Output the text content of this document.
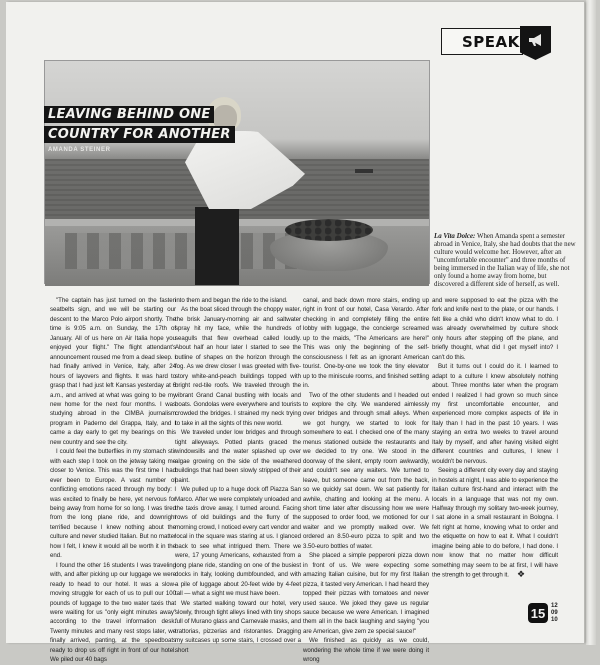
SPEAK
LEAVING BEHIND ONE
COUNTRY FOR ANOTHER
AMANDA STEINER
La Vita Dolce: When Amanda spent a semester abroad in Venice, Italy, she had doubts that the new culture would welcome her. However, after an "uncomfortable encounter" and three months of being immersed in the Italian way of life, she not only found a home away from home, but discovered a different side of herself, as well.

"The captain has just turned on the fasten seatbelts sign, and we will be starting our descent to the Marco Polo airport shortly. The time is 9:05 a.m. on Sunday, the 17th of January. All of us here on Air Italia hope you enjoyed your flight." The flight attendant's announcement roused me from a dead sleep. I had finally arrived in Venice, Italy, after 24 hours of layovers and flights. It was hard to grasp that I had just left Kansas yesterday at 6 a.m., and arrived at what was going to be my new home for the next four months. I was studying abroad in the CIMBA journalism program in Paderno del Grappa, Italy, and I came a day early to get my bearings on this new country and see the city.

I could feel the butterflies in my stomach stir with each step I took on the jetway taking me closer to Venice. This was the first time I had ever been to Europe. A vast number of conflicting emotions raced through my body: I was excited to finally be here, yet nervous for being away from home for so long. I was tired from the long plane ride, and downright terrified because I knew nothing about the culture and never studied Italian. But no matter how I felt, I knew it would all be worth it in the end.

I found the other 16 students I was traveling with, and after picking up our luggage we were ready to head to our hotel. It was a slow-moving struggle for each of us to pull our 100 pounds of luggage to the two water taxis that were waiting for us "only eight minutes away" according to the travel information desk. Twenty minutes and many rest stops later, we finally arrived, panting, at the speedboats ready to drop us off right in front of our hotel. We piled our 40 bags

into them and began the ride to the island.

As the boat sliced through the choppy water, the brisk January-morning air and saltwater spray hit my face, while the hundreds of seagulls that flew overhead called loudly. About half an hour later I started to see the outline of shapes on the horizon through the fog. As we drew closer I was greeted with five-story white-and-peach buildings topped with bright red-tile roofs. We traveled through the vibrant Grand Canal bustling with locals and boats. Gondolas were everywhere and tourists crowded the bridges. I strained my neck trying to take in all the sights of this new world.

We traveled under low bridges and through tight alleyways. Potted plants graced the windowsills and the water splashed up over algae growing on the side of the weathered buildings that had been slowly stripped of their paint.

We pulled up to a huge dock off Piazza San Marco. After we were completely unloaded and the taxis drove away, I turned around. Facing rows of old buildings and the flurry of the morning crowd, I noticed every cart vendor and local in the square was staring at us. I glanced back to see what intrigued them. There we were, 17 young Americans, exhausted from a long plane ride, standing on one of the busiest docks in Italy, looking dumbfounded, and with a pile of luggage about 20-feet wide by 4-feet tall — what a sight we must have been.

We started walking toward our hotel, very slowly, through tight alleys lined with tiny shops full of Murano glass and Carnevale masks, and trattorias, pizzerias and ristorantes. Dragging my suitcases up some stairs, I crossed over a short

canal, and back down more stairs, ending up right in front of our hotel, Casa Verardo. After checking in and completely filling the entire lobby with luggage, the concierge screamed up to the maids, "The Americans are here!" This was only the beginning of the self-consciousness I felt as an ignorant American tourist. One-by-one we took the tiny elevator up to the miniscule rooms, and finished settling in.

Two of the other students and I headed out to explore the city. We wandered aimlessly over bridges and through small alleys. When we got hungry, we started to look for somewhere to eat. I checked one of the many menus stationed outside the restaurants and we decided to try one. We stood in the doorway of the silent, empty room awkwardly, and couldn't see any waiters. We turned to leave, but someone came out from the back, so we quickly sat down. We sat patiently for awhile, chatting and looking at the menu. A short time later after discussing how we were supposed to order food, we motioned for our waiter and we promptly walked over. We ordered an 8.50-euro pizza to split and two 3.50-euro bottles of water.

She placed a simple pepperoni pizza down in front of us. We were expecting some amazing Italian cuisine, but for my first Italian pizza, it tasted very American. I had heard they topped their pizzas with tomatoes and never used sauce. We joked they gave us regular sauce because we were American. I imagined them all in the back laughing and saying "you are American, give zem ze special sauce!"

We finished as quickly as we could, wondering the whole time if we were doing it wrong

and were supposed to eat the pizza with the fork and knife next to the plate, or our hands. I felt like a child who didn't know what to do. I was already overwhelmed by culture shock only hours after stepping off the plane, and briefly thought, what did I get myself into? I can't do this.

But it turns out I could do it. I learned to adapt to a culture I knew absolutely nothing about. Three months later when the program ended I realized I had grown so much since my first uncomfortable encounter, and experienced more complex aspects of life in Italy than I had in the past 10 years. I was staying an extra two weeks to travel around Italy by myself, and after having visited eight different countries and cultures, I knew I wouldn't be nervous.

Seeing a different city every day and staying in hostels at night, I was able to experience the Italian culture first-hand and interact with the locals in a language that was not my own. Halfway through my solitary two-week journey, I sat alone in a small restaurant in Bologna. I felt right at home, knowing what to order and the etiquette on how to eat it. What I couldn't imagine being able to do before, I had done. I now know that no matter how difficult something may seem to be at first, I will have the strength to get through it. ❖

15 12
09
10
